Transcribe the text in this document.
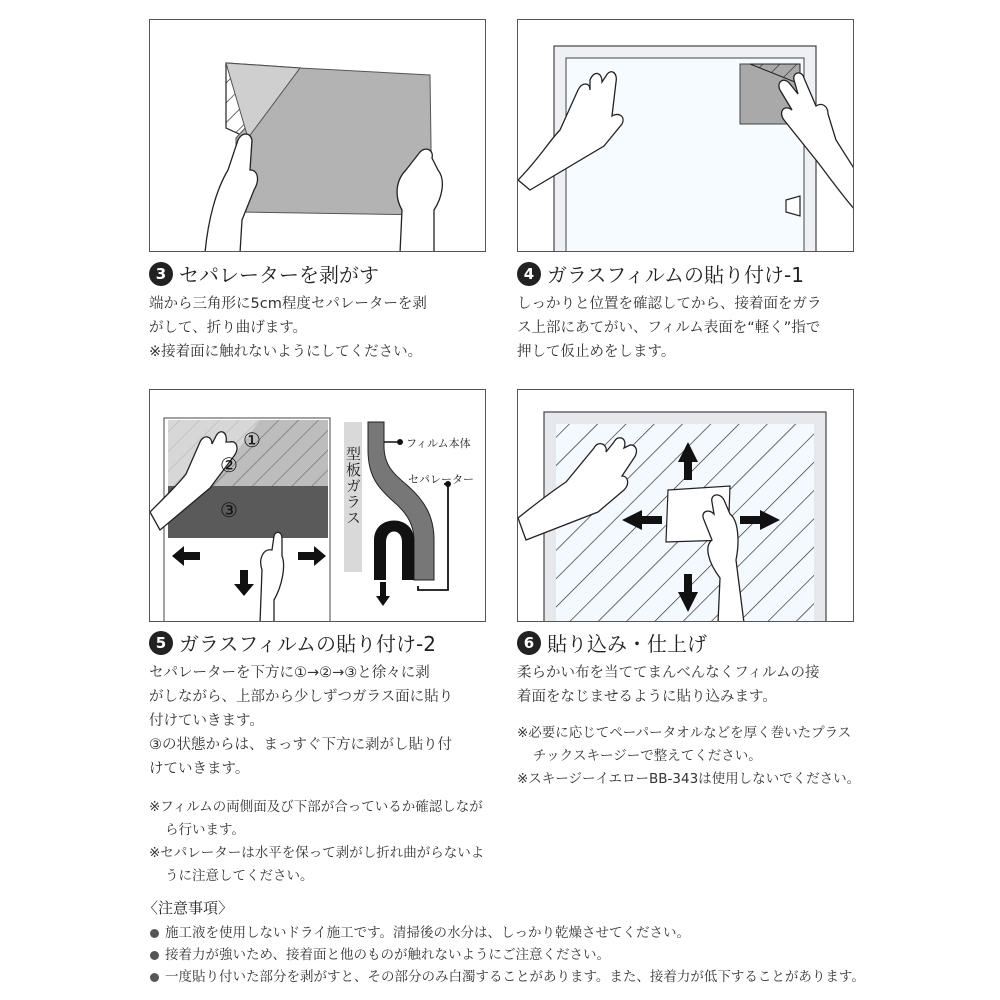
3 セパレーターを剥がす

端から三角形に5cm程度セパレーターを剥

がして、折り曲げます。

※接着面に触れないようにしてください。

4 ガラスフィルムの貼り付け-1

しっかりと位置を確認してから、接着面をガラ

ス上部にあてがい、フィルム表面を“軽く”指で

押して仮止めをします。

①
②
③
フィルム本体
セパレーター
型板ガラス
5 ガラスフィルムの貼り付け-2

セパレーターを下方に①→②→③と徐々に剥

がしながら、上部から少しずつガラス面に貼り

付けていきます。

③の状態からは、まっすぐ下方に剥がし貼り付

けていきます。

※フィルムの両側面及び下部が合っているか確認しながら行います。

※セパレーターは水平を保って剥がし折れ曲がらないように注意してください。

6 貼り込み・仕上げ

柔らかい布を当ててまんべんなくフィルムの接

着面をなじませるように貼り込みます。

※必要に応じてペーパータオルなどを厚く巻いたプラスチックスキージーで整えてください。

※スキージーイエローBB-343は使用しないでください。

〈注意事項〉
施工液を使用しないドライ施工です。清掃後の水分は、しっかり乾燥させてください。
接着力が強いため、接着面と他のものが触れないようにご注意ください。
一度貼り付いた部分を剥がすと、その部分のみ白濁することがあります。また、接着力が低下することがあります。
